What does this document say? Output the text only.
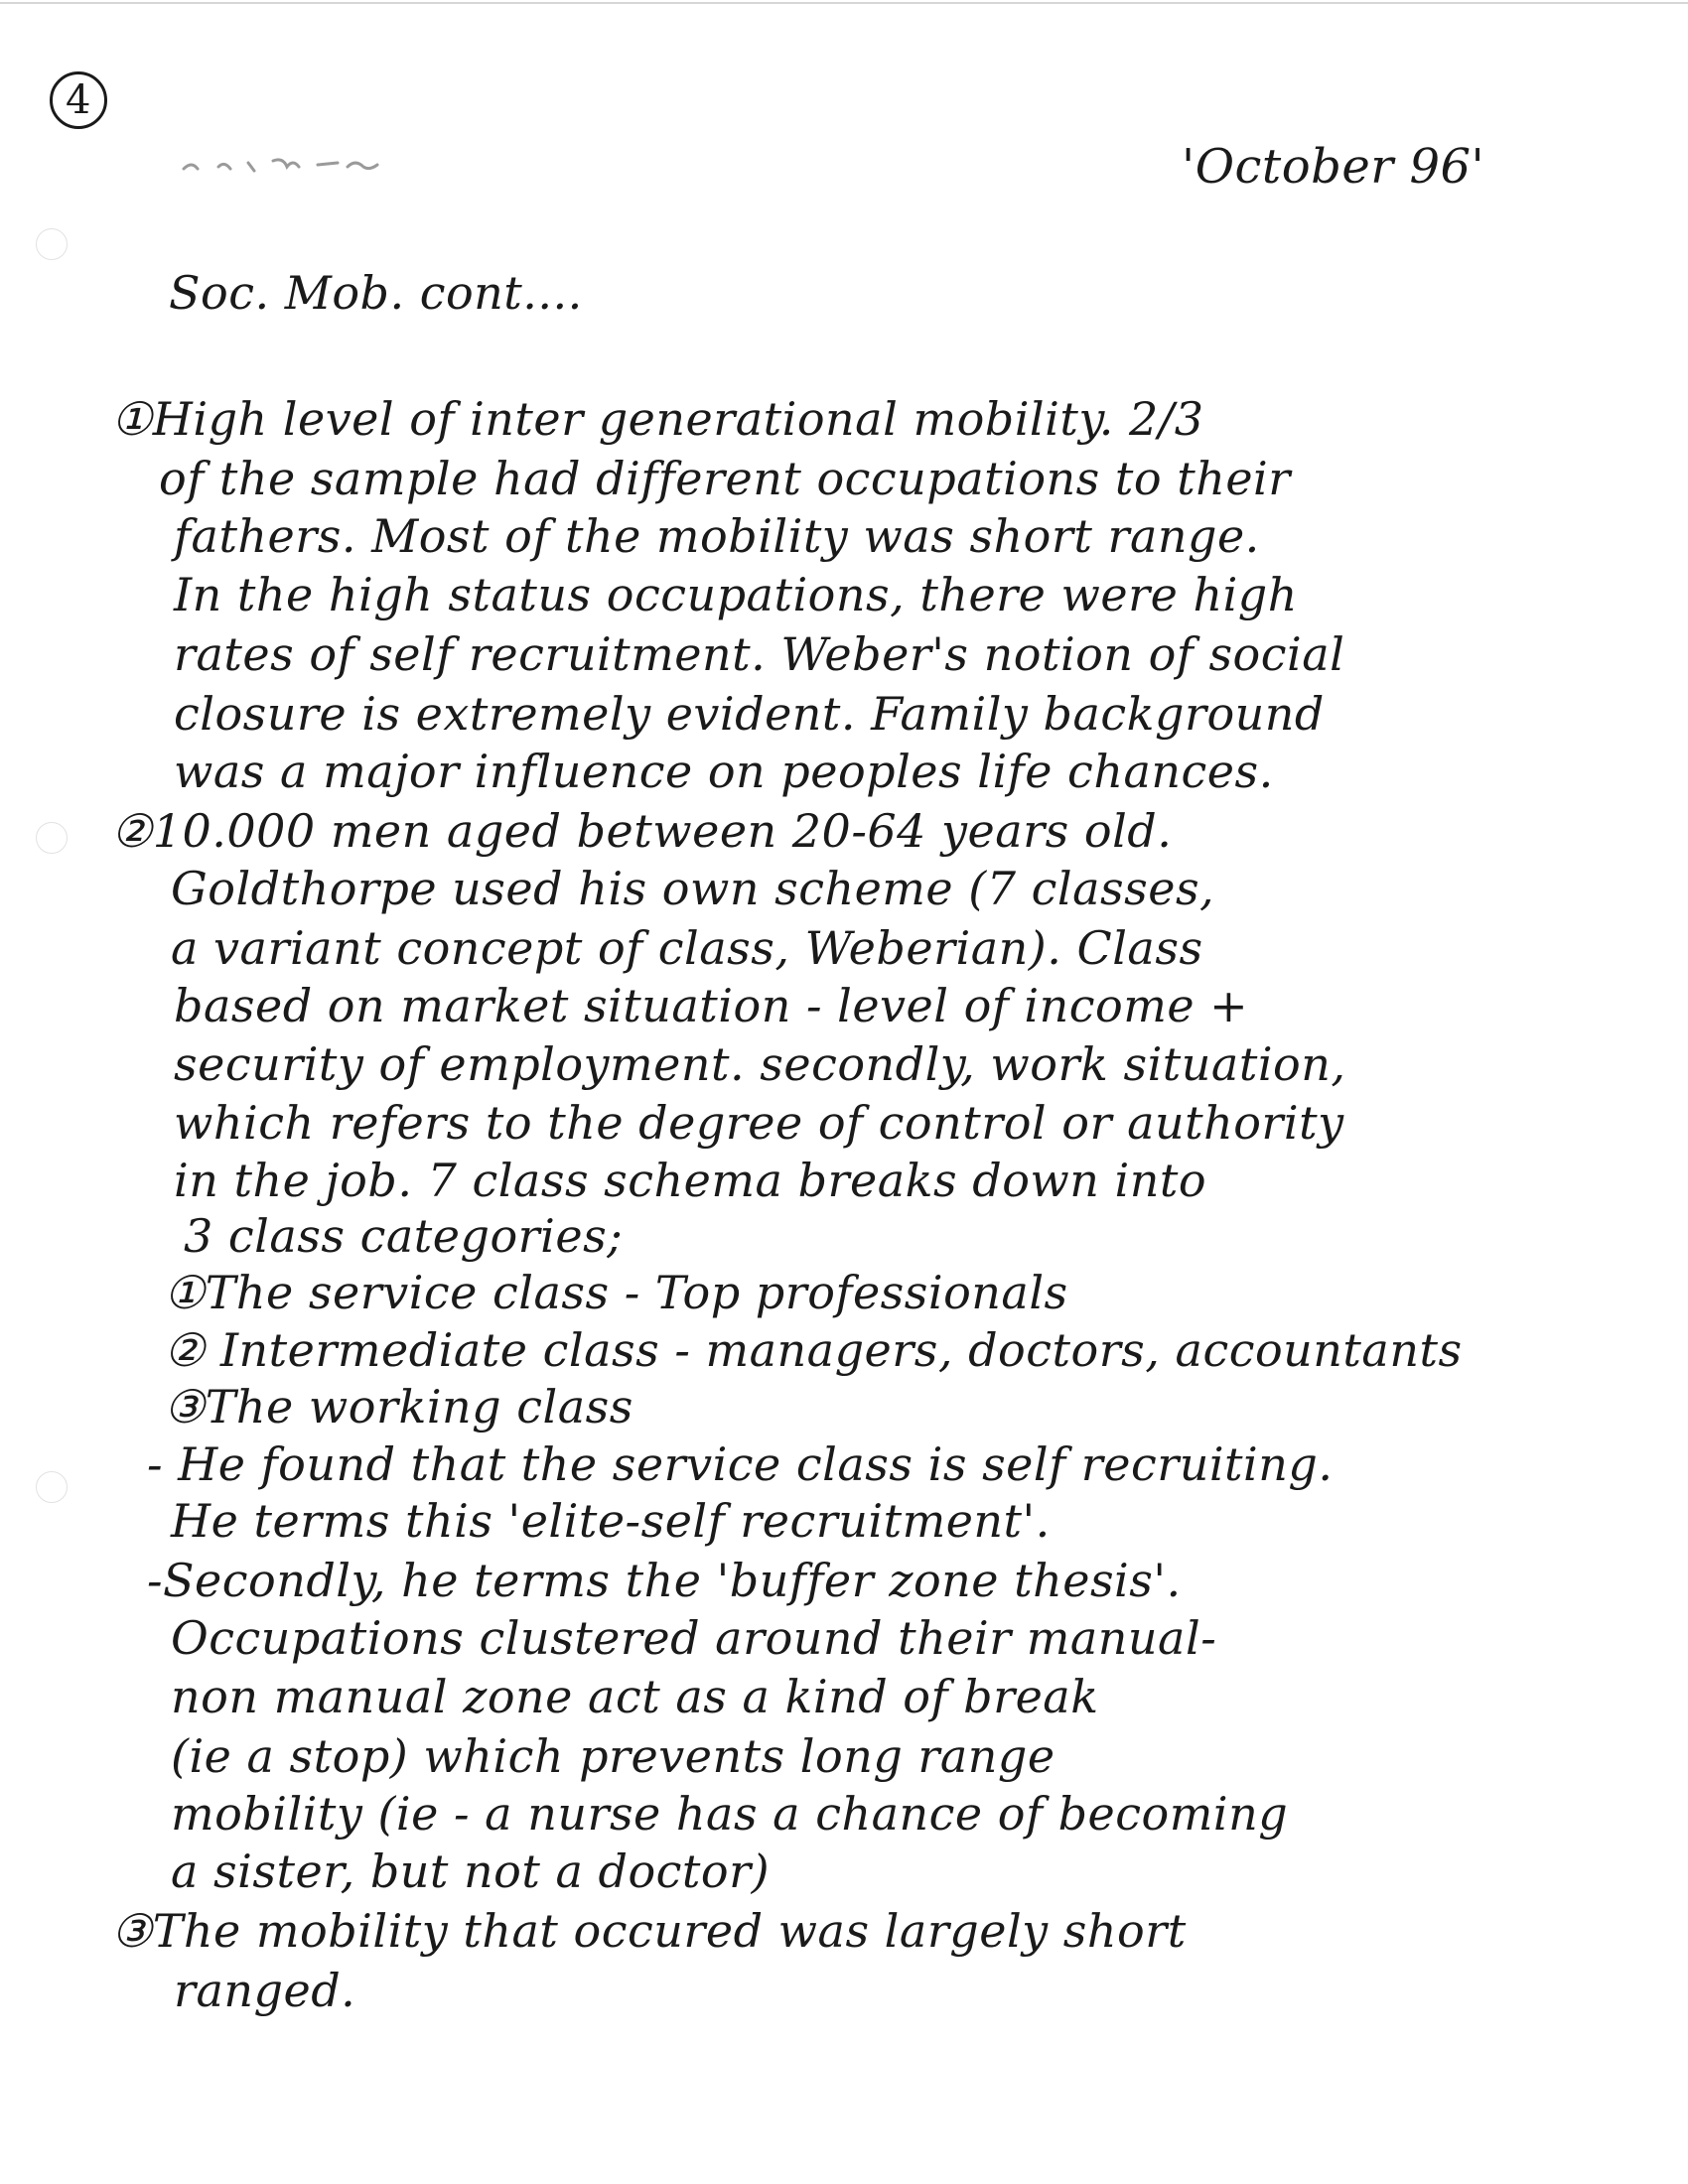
4
'October 96'
Soc. Mob. cont....
①High level of inter generational mobility. 2/3
of the sample had different occupations to their
fathers. Most of the mobility was short range.
In the high status occupations, there were high
rates of self recruitment. Weber's notion of social
closure is extremely evident. Family background
was a major influence on peoples life chances.
②10.000 men aged between 20-64 years old.
Goldthorpe used his own scheme (7 classes,
a variant concept of class, Weberian). Class
based on market situation - level of income +
security of employment. secondly, work situation,
which refers to the degree of control or authority
in the job. 7 class schema breaks down into
3 class categories;
①The service class - Top professionals
② Intermediate class - managers, doctors, accountants
③The working class
- He found that the service class is self recruiting.
He terms this 'elite-self recruitment'.
-Secondly, he terms the 'buffer zone thesis'.
Occupations clustered around their manual-
non manual zone act as a kind of break
(ie a stop) which prevents long range
mobility (ie - a nurse has a chance of becoming
a sister, but not a doctor)
③The mobility that occured was largely short
ranged.
